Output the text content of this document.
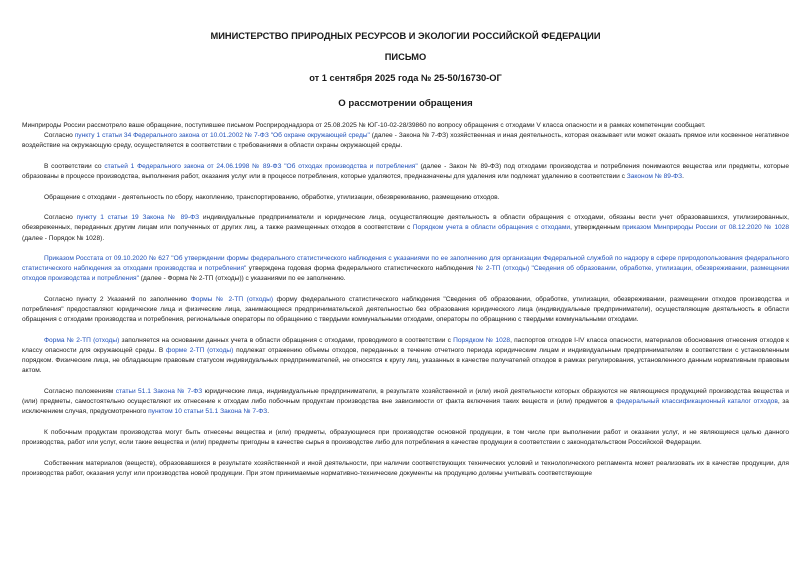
МИНИСТЕРСТВО ПРИРОДНЫХ РЕСУРСОВ И ЭКОЛОГИИ РОССИЙСКОЙ ФЕДЕРАЦИИ

ПИСЬМО

от 1 сентября 2025 года № 25-50/16730-ОГ

О рассмотрении обращения

Минприроды России рассмотрело ваше обращение, поступившее письмом Росприроднадзора от 25.08.2025 № ЮГ-10-02-28/39860 по вопросу обращения с отходами V класса опасности и в рамках компетенции сообщает.

Согласно пункту 1 статьи 34 Федерального закона от 10.01.2002 № 7-ФЗ "Об охране окружающей среды" (далее - Закона № 7-ФЗ) хозяйственная и иная деятельность, которая оказывает или может оказать прямое или косвенное негативное воздействие на окружающую среду, осуществляется в соответствии с требованиями в области охраны окружающей среды.

В соответствии со статьей 1 Федерального закона от 24.06.1998 № 89-ФЗ "Об отходах производства и потребления" (далее - Закон № 89-ФЗ) под отходами производства и потребления понимаются вещества или предметы, которые образованы в процессе производства, выполнения работ, оказания услуг или в процессе потребления, которые удаляются, предназначены для удаления или подлежат удалению в соответствии с Законом № 89-ФЗ.

Обращение с отходами - деятельность по сбору, накоплению, транспортированию, обработке, утилизации, обезвреживанию, размещению отходов.

Согласно пункту 1 статьи 19 Закона № 89-ФЗ индивидуальные предприниматели и юридические лица, осуществляющие деятельность в области обращения с отходами, обязаны вести учет образовавшихся, утилизированных, обезвреженных, переданных другим лицам или полученных от других лиц, а также размещенных отходов в соответствии с Порядком учета в области обращения с отходами, утвержденным приказом Минприроды России от 08.12.2020 № 1028 (далее - Порядок № 1028).

Приказом Росстата от 09.10.2020 № 627 "Об утверждении формы федерального статистического наблюдения с указаниями по ее заполнению для организации Федеральной службой по надзору в сфере природопользования федерального статистического наблюдения за отходами производства и потребления" утверждена годовая форма федерального статистического наблюдения № 2-ТП (отходы) "Сведения об образовании, обработке, утилизации, обезвреживании, размещении отходов производства и потребления" (далее - Форма № 2-ТП (отходы)) с указаниями по ее заполнению.

Согласно пункту 2 Указаний по заполнению Формы № 2-ТП (отходы) форму федерального статистического наблюдения "Сведения об образовании, обработке, утилизации, обезвреживании, размещении отходов производства и потребления" предоставляют юридические лица и физические лица, занимающиеся предпринимательской деятельностью без образования юридического лица (индивидуальные предприниматели), осуществляющие деятельность в области обращения с отходами производства и потребления, региональные операторы по обращению с твердыми коммунальными отходами, операторы по обращению с твердыми коммунальными отходами.

Форма № 2-ТП (отходы) заполняется на основании данных учета в области обращения с отходами, проводимого в соответствии с Порядком № 1028, паспортов отходов I-IV класса опасности, материалов обоснования отнесения отходов к классу опасности для окружающей среды. В форме 2-ТП (отходы) подлежат отражению объемы отходов, переданных в течение отчетного периода юридическим лицам и индивидуальным предпринимателям в соответствии с установленным порядком. Физические лица, не обладающие правовым статусом индивидуальных предпринимателей, не относятся к кругу лиц, указанных в качестве получателей отходов в рамках регулирования, установленного данным нормативным правовым актом.

Согласно положениям статьи 51.1 Закона № 7-ФЗ юридические лица, индивидуальные предприниматели, в результате хозяйственной и (или) иной деятельности которых образуются не являющиеся продукцией производства вещества и (или) предметы, самостоятельно осуществляют их отнесение к отходам либо побочным продуктам производства вне зависимости от факта включения таких веществ и (или) предметов в федеральный классификационный каталог отходов, за исключением случая, предусмотренного пунктом 10 статьи 51.1 Закона № 7-ФЗ.

К побочным продуктам производства могут быть отнесены вещества и (или) предметы, образующиеся при производстве основной продукции, в том числе при выполнении работ и оказании услуг, и не являющиеся целью данного производства, работ или услуг, если такие вещества и (или) предметы пригодны в качестве сырья в производстве либо для потребления в качестве продукции в соответствии с законодательством Российской Федерации.

Собственник материалов (веществ), образовавшихся в результате хозяйственной и иной деятельности, при наличии соответствующих технических условий и технологического регламента может реализовать их в качестве продукции, для производства работ, оказания услуг или производства новой продукции. При этом принимаемые нормативно-технические документы на продукцию должны учитывать соответствующие
